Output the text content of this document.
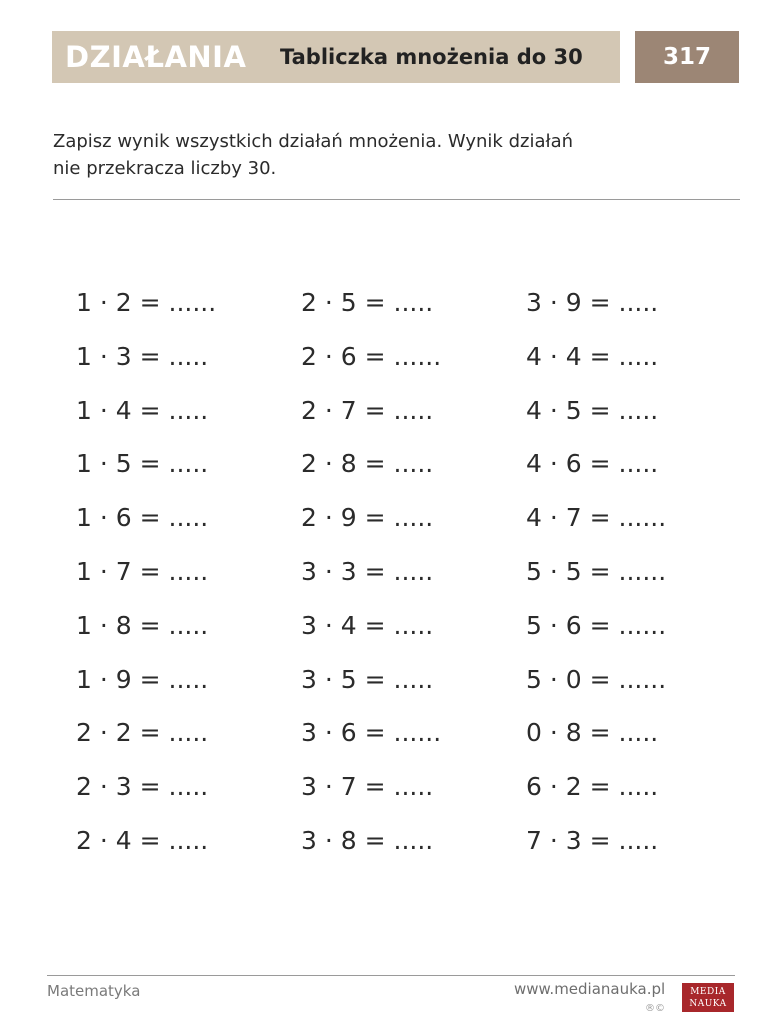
DZIAŁANIA Tabliczka mnożenia do 30	317
Zapisz wynik wszystkich działań mnożenia. Wynik działań
nie przekracza liczby 30.
1 · 2 = ......
1 · 3 = .....
1 · 4 = .....
1 · 5 = .....
1 · 6 = .....
1 · 7 = .....
1 · 8 = .....
1 · 9 = .....
2 · 2 = .....
2 · 3 = .....
2 · 4 = .....
2 · 5 = .....
2 · 6 = ......
2 · 7 = .....
2 · 8 = .....
2 · 9 = .....
3 · 3 = .....
3 · 4 = .....
3 · 5 = .....
3 · 6 = ......
3 · 7 = .....
3 · 8 = .....
3 · 9 = .....
4 · 4 = .....
4 · 5 = .....
4 · 6 = .....
4 · 7 = ......
5 · 5 = ......
5 · 6 = ......
5 · 0 = ......
0 · 8 = .....
6 · 2 = .....
7 · 3 = .....
Matematyka	www.medianauka.pl
®©
MEDIA
NAUKA
